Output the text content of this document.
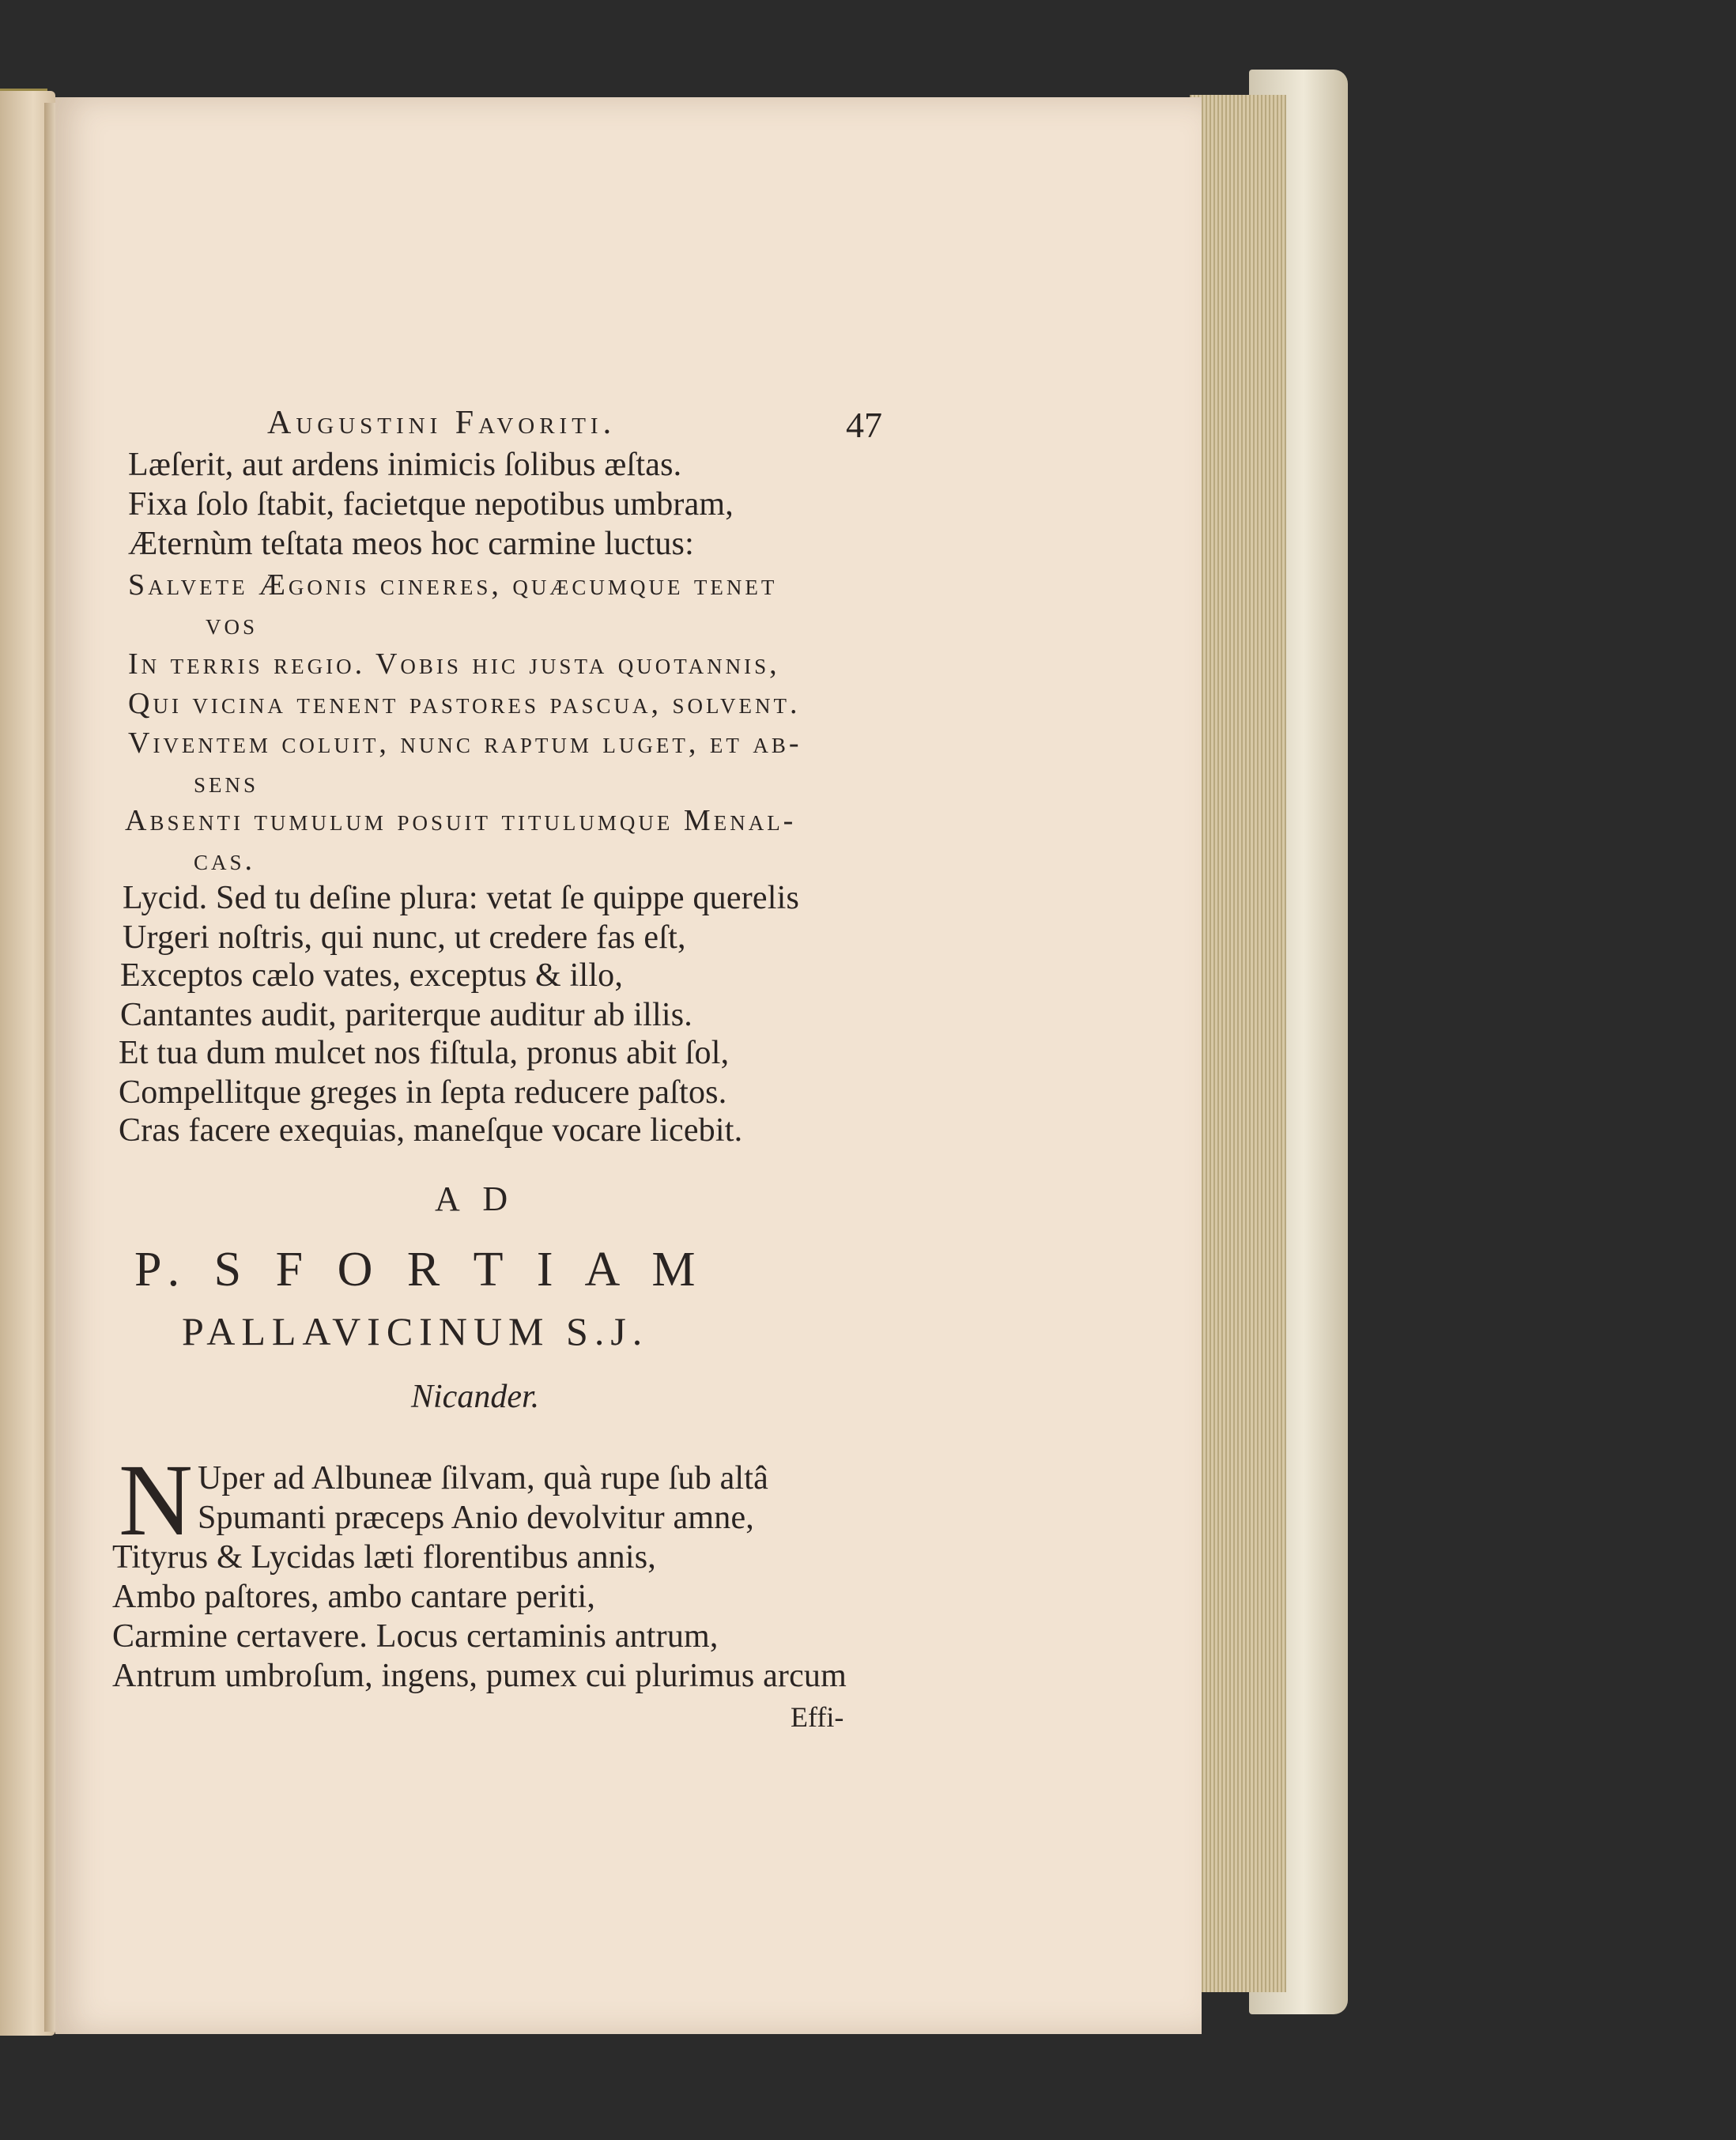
Augustini Favoriti.	47
Læſerit, aut ardens inimicis ſolibus æſtas.
Fixa ſolo ſtabit, facietque nepotibus umbram,
Æternùm teſtata meos hoc carmine luctus:
Salvete Ægonis cineres, quæcumque tenet
vos
In terris regio. Vobis hic justa quotannis,
Qui vicina tenent pastores pascua, solvent.
Viventem coluit, nunc raptum luget, et ab-
sens
Absenti tumulum posuit titulumque Menal-
cas.
Lycid. Sed tu deſine plura: vetat ſe quippe querelis
Urgeri noſtris, qui nunc, ut credere fas eſt,
Exceptos cælo vates, exceptus & illo,
Cantantes audit, pariterque auditur ab illis.
Et tua dum mulcet nos fiſtula, pronus abit ſol,
Compellitque greges in ſepta reducere paſtos.
Cras facere exequias, maneſque vocare licebit.
A D
P. S F O R T I A M
PALLAVICINUM S.J.
Nicander.
N Uper ad Albuneæ ſilvam, quà rupe ſub altâ
Spumanti præceps Anio devolvitur amne,
Tityrus & Lycidas læti florentibus annis,
Ambo paſtores, ambo cantare periti,
Carmine certavere. Locus certaminis antrum,
Antrum umbroſum, ingens, pumex cui plurimus arcum
Effi-
